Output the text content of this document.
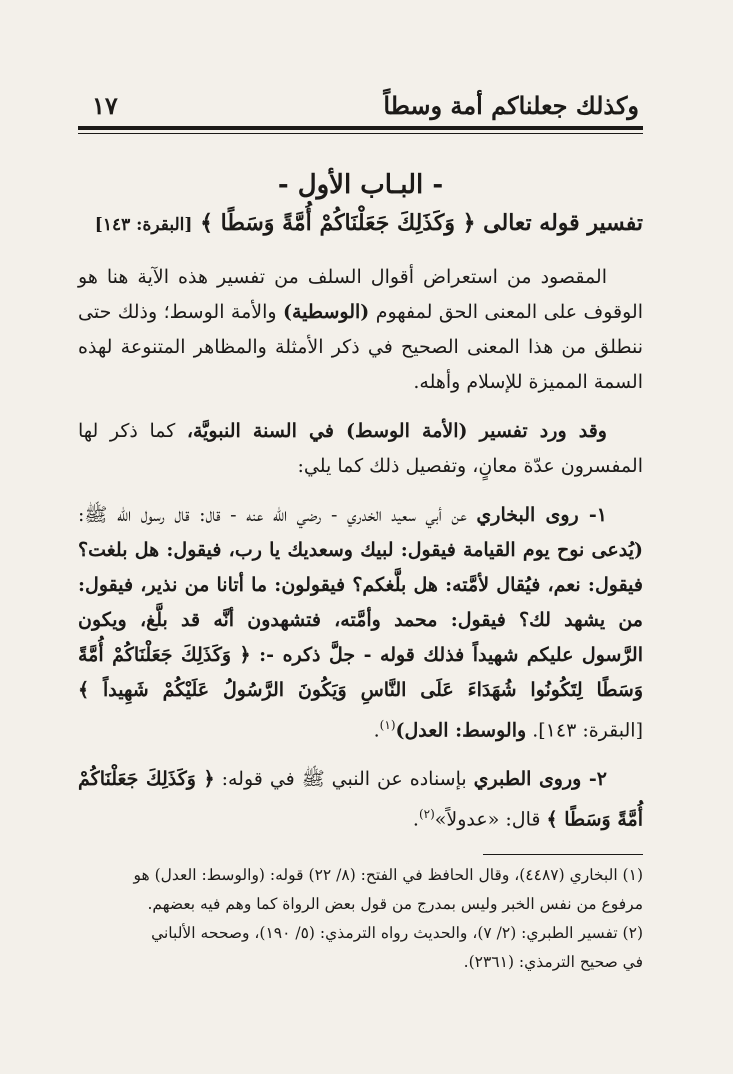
وكذلك جعلناكم أمة وسطاً
١٧
- البـاب الأول -
تفسير قوله تعالى ﴿ وَكَذَلِكَ جَعَلْنَاكُمْ أُمَّةً وَسَطًا ﴾ [البقرة: ١٤٣]

المقصود من استعراض أقوال السلف من تفسير هذه الآية هنا هو الوقوف على المعنى الحق لمفهوم (الوسطية) والأمة الوسط؛ وذلك حتى ننطلق من هذا المعنى الصحيح في ذكر الأمثلة والمظاهر المتنوعة لهذه السمة المميزة للإسلام وأهله.

وقد ورد تفسير (الأمة الوسط) في السنة النبويَّة، كما ذكر لها المفسرون عدّة معانٍ، وتفصيل ذلك كما يلي:

١- روى البخاري عن أبي سعيد الخدري - رضي الله عنه - قال: قال رسول الله ﷺ: (يُدعى نوح يوم القيامة فيقول: لبيك وسعديك يا رب، فيقول: هل بلغت؟ فيقول: نعم، فيُقال لأمَّته: هل بلَّغكم؟ فيقولون: ما أتانا من نذير، فيقول: من يشهد لك؟ فيقول: محمد وأمَّته، فتشهدون أنَّه قد بلَّغ، ويكون الرَّسول عليكم شهيداً فذلك قوله - جلَّ ذكره -: ﴿ وَكَذَلِكَ جَعَلْنَاكُمْ أُمَّةً وَسَطًا لِتَكُونُوا شُهَدَاءَ عَلَى النَّاسِ وَيَكُونَ الرَّسُولُ عَلَيْكُمْ شَهِيداً ﴾ [البقرة: ١٤٣]. والوسط: العدل)$^{(١)}$.

٢- وروى الطبري بإسناده عن النبي ﷺ في قوله: ﴿ وَكَذَلِكَ جَعَلْنَاكُمْ أُمَّةً وَسَطًا ﴾ قال: «عدولاً»$^{(٢)}$.

(١) البخاري (٤٤٨٧)، وقال الحافظ في الفتح: (٨/ ٢٢) قوله: (والوسط: العدل) هو

مرفوع من نفس الخبر وليس بمدرج من قول بعض الرواة كما وهم فيه بعضهم.

(٢) تفسير الطبري: (٢/ ٧)، والحديث رواه الترمذي: (٥/ ١٩٠)، وصححه الألباني

في صحيح الترمذي: (٢٣٦١).
